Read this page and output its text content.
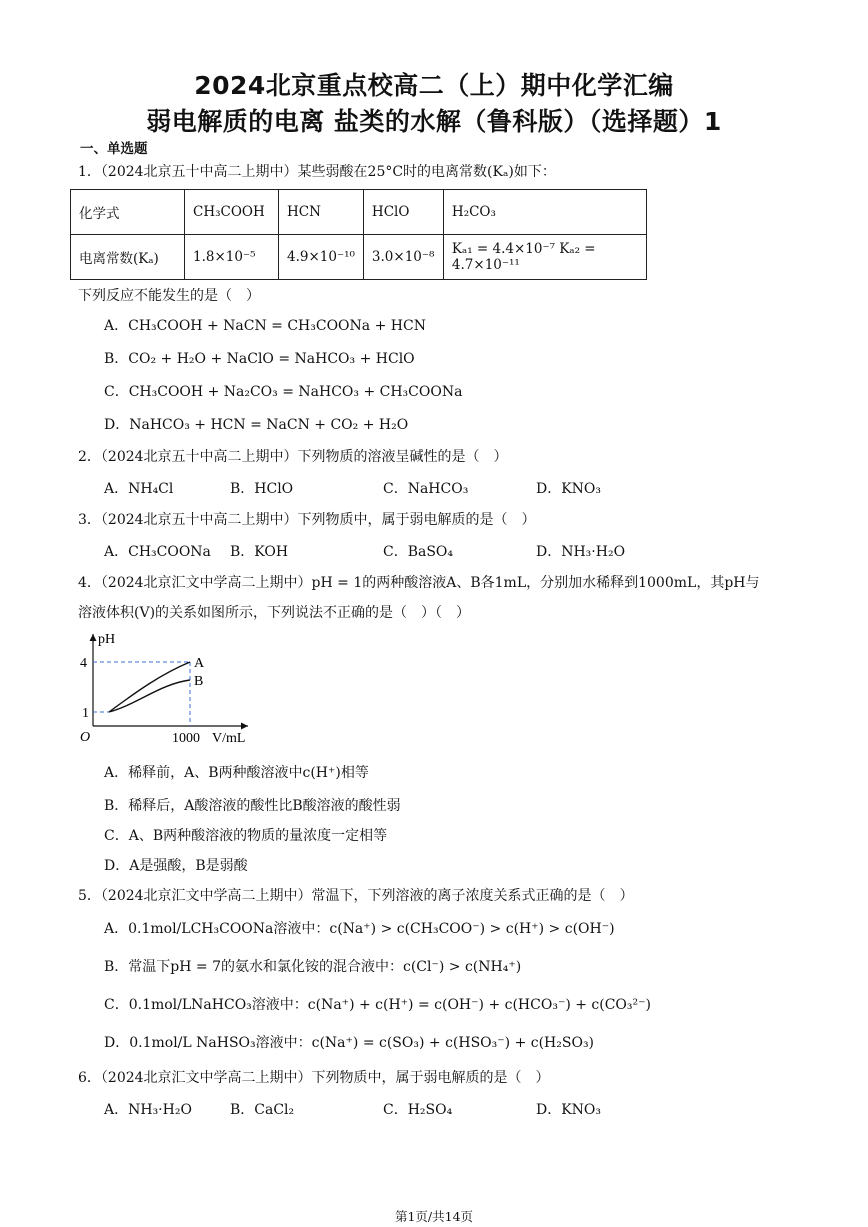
2024北京重点校高二（上）期中化学汇编
弱电解质的电离 盐类的水解（鲁科版）（选择题）1
一、单选题
1．（2024北京五十中高二上期中）某些弱酸在25°C时的电离常数(Kₐ)如下：
化学式	CH₃COOH	HCN	HClO	H₂CO₃
电离常数(Kₐ)	1.8×10⁻⁵	4.9×10⁻¹⁰	3.0×10⁻⁸	Kₐ₁ = 4.4×10⁻⁷ Kₐ₂ = 4.7×10⁻¹¹
下列反应不能发生的是（　）
A．CH₃COOH + NaCN = CH₃COONa + HCN
B．CO₂ + H₂O + NaClO = NaHCO₃ + HClO
C．CH₃COOH + Na₂CO₃ = NaHCO₃ + CH₃COONa
D．NaHCO₃ + HCN = NaCN + CO₂ + H₂O
2．（2024北京五十中高二上期中）下列物质的溶液呈碱性的是（　）
A．NH₄Cl	B．HClO	C．NaHCO₃	D．KNO₃
3．（2024北京五十中高二上期中）下列物质中，属于弱电解质的是（　）
A．CH₃COONa B．KOH	C．BaSO₄	D．NH₃·H₂O
4．（2024北京汇文中学高二上期中）pH = 1的两种酸溶液A、B各1mL，分别加水稀释到1000mL，其pH与
溶液体积(V)的关系如图所示，下列说法不正确的是（　）（　）
pH
4
1
O	1000 V/mL
A
B
A．稀释前，A、B两种酸溶液中c(H⁺)相等
B．稀释后，A酸溶液的酸性比B酸溶液的酸性弱
C．A、B两种酸溶液的物质的量浓度一定相等
D．A是强酸，B是弱酸
5．（2024北京汇文中学高二上期中）常温下，下列溶液的离子浓度关系式正确的是（　）
A．0.1mol/LCH₃COONa溶液中：c(Na⁺) > c(CH₃COO⁻) > c(H⁺) > c(OH⁻)
B．常温下pH = 7的氨水和氯化铵的混合液中：c(Cl⁻) > c(NH₄⁺)
C．0.1mol/LNaHCO₃溶液中：c(Na⁺) + c(H⁺) = c(OH⁻) + c(HCO₃⁻) + c(CO₃²⁻)
D．0.1mol/L NaHSO₃溶液中：c(Na⁺) = c(SO₃) + c(HSO₃⁻) + c(H₂SO₃)
6．（2024北京汇文中学高二上期中）下列物质中，属于弱电解质的是（　）
A．NH₃·H₂O	B．CaCl₂	C．H₂SO₄	D．KNO₃
第1页/共14页
